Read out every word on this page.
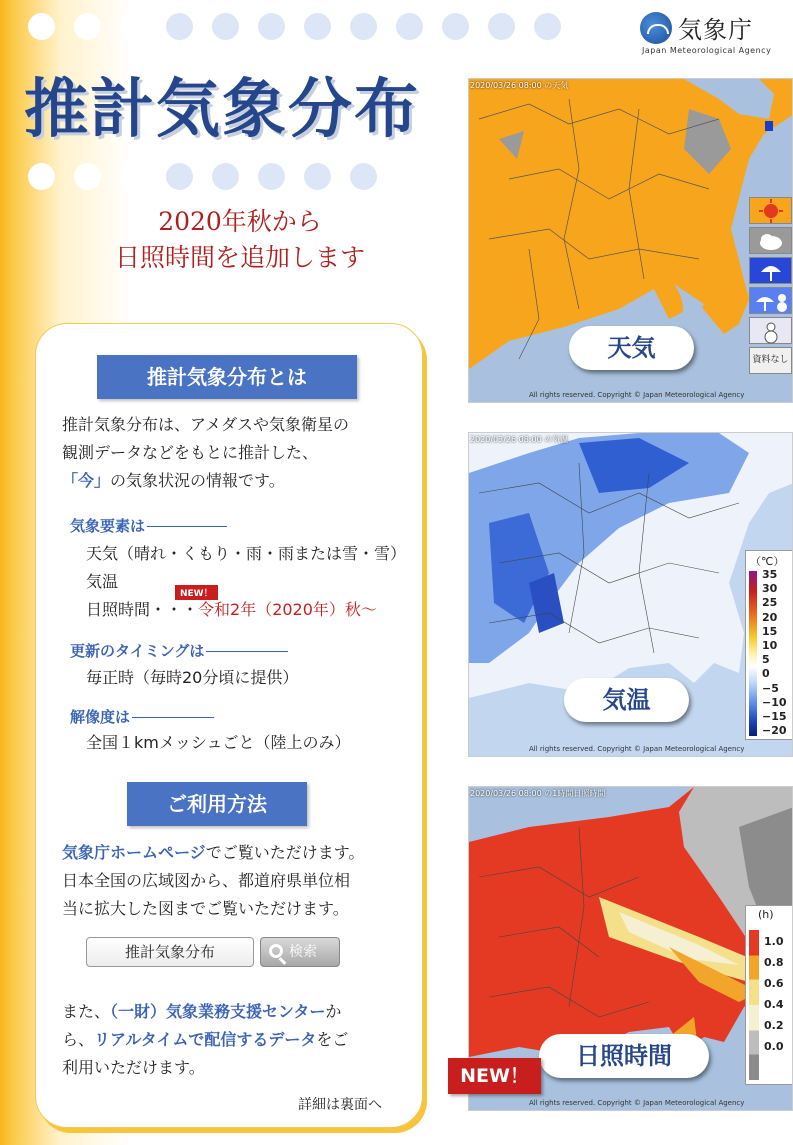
気象庁
Japan Meteorological Agency
推計気象分布
2020年秋から
日照時間を追加します
推計気象分布とは
推計気象分布は、アメダスや気象衛星の
観測データなどをもとに推計した、
「今」の気象状況の情報です。
気象要素は
天気（晴れ・くもり・雨・雨または雪・雪）
気温
NEW！
日照時間・・・令和2年（2020年）秋～
更新のタイミングは
毎正時（毎時20分頃に提供）
解像度は
全国１kmメッシュごと（陸上のみ）
ご利用方法
気象庁ホームページでご覧いただけます。
日本全国の広域図から、都道府県単位相
当に拡大した図までご覧いただけます。
推計気象分布	検索
また、（一財）気象業務支援センターか
ら、リアルタイムで配信するデータをご
利用いただけます。
詳細は裏面へ
2020/03/26 08:00 の天気
資料なし
天気
All rights reserved. Copyright © Japan Meteorological Agency
2020/03/26 08:00 の気温
（℃）
35
30
25
20
15
10
5
0
−5
−10
−15
−20
気温
All rights reserved. Copyright © Japan Meteorological Agency
2020/03/26 08:00 の1時間日照時間
(h)
1.0
0.8
0.6
0.4
0.2
0.0
日照時間
All rights reserved. Copyright © Japan Meteorological Agency
NEW！
